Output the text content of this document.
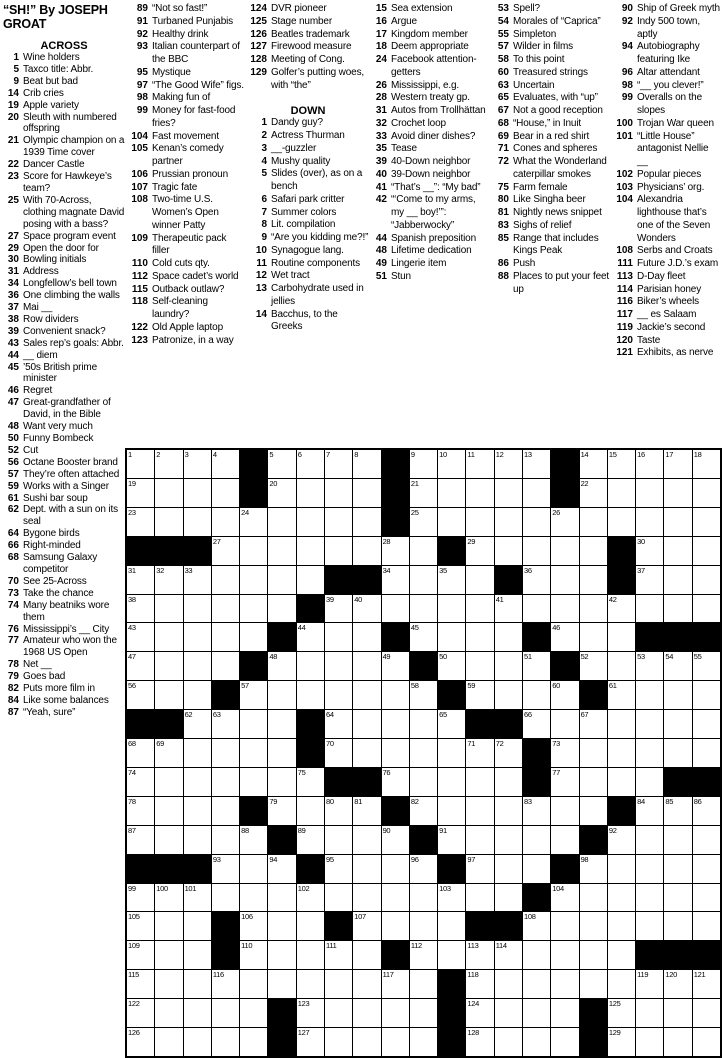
“SH!” By JOSEPH GROAT
ACROSS
1 Wine holders
5 Taxco title: Abbr.
9 Beat but bad
14 Crib cries
19 Apple variety
20 Sleuth with numbered offspring
21 Olympic champion on a 1939 Time cover
22 Dancer Castle
23 Score for Hawkeye’s team?
25 With 70-Across, clothing magnate David posing with a bass?
27 Space program event
29 Open the door for
30 Bowling initials
31 Address
34 Longfellow’s bell town
36 One climbing the walls
37 Mai __
38 Row dividers
39 Convenient snack?
43 Sales rep’s goals: Abbr.
44 __ diem
45 ’50s British prime minister
46 Regret
47 Great-grandfather of David, in the Bible
48 Want very much
50 Funny Bombeck
52 Cut
56 Octane Booster brand
57 They’re often attached
59 Works with a Singer
61 Sushi bar soup
62 Dept. with a sun on its seal
64 Bygone birds
66 Right-minded
68 Samsung Galaxy competitor
70 See 25-Across
73 Take the chance
74 Many beatniks wore them
76 Mississippi’s __ City
77 Amateur who won the 1968 US Open
78 Net __
79 Goes bad
82 Puts more film in
84 Like some balances
87 “Yeah, sure”
89 “Not so fast!”
91 Turbaned Punjabis
92 Healthy drink
93 Italian counterpart of the BBC
95 Mystique
97 “The Good Wife” figs.
98 Making fun of
99 Money for fast-food fries?
104 Fast movement
105 Kenan’s comedy partner
106 Prussian pronoun
107 Tragic fate
108 Two-time U.S. Women’s Open winner Patty
109 Therapeutic pack filler
110 Cold cuts qty.
112 Space cadet’s world
115 Outback outlaw?
118 Self-cleaning laundry?
122 Old Apple laptop
123 Patronize, in a way
124 DVR pioneer
125 Stage number
126 Beatles trademark
127 Firewood measure
128 Meeting of Cong.
129 Golfer’s putting woes, with “the”
DOWN
1 Dandy guy?
2 Actress Thurman
3 __-guzzler
4 Mushy quality
5 Slides (over), as on a bench
6 Safari park critter
7 Summer colors
8 Lit. compilation
9 “Are you kidding me?!”
10 Synagogue lang.
11 Routine components
12 Wet tract
13 Carbohydrate used in jellies
14 Bacchus, to the Greeks
15 Sea extension
16 Argue
17 Kingdom member
18 Deem appropriate
24 Facebook attention-getters
26 Mississippi, e.g.
28 Western treaty gp.
31 Autos from Trollhättan
32 Crochet loop
33 Avoid diner dishes?
35 Tease
39 40-Down neighbor
40 39-Down neighbor
41 “That’s __”: “My bad”
42 “‘Come to my arms, my __ boy!’”: “Jabberwocky”
44 Spanish preposition
48 Lifetime dedication
49 Lingerie item
51 Stun
53 Spell?
54 Morales of “Caprica”
55 Simpleton
57 Wilder in films
58 To this point
60 Treasured strings
63 Uncertain
65 Evaluates, with “up”
67 Not a good reception
68 “House,” in Inuit
69 Bear in a red shirt
71 Cones and spheres
72 What the Wonderland caterpillar smokes
75 Farm female
80 Like Singha beer
81 Nightly news snippet
83 Sighs of relief
85 Range that includes Kings Peak
86 Push
88 Places to put your feet up
90 Ship of Greek myth
92 Indy 500 town, aptly
94 Autobiography featuring Ike
96 Altar attendant
98 “__ you clever!”
99 Overalls on the slopes
100 Trojan War queen
101 “Little House” antagonist Nellie __
102 Popular pieces
103 Physicians’ org.
104 Alexandria lighthouse that’s one of the Seven Wonders
108 Serbs and Croats
111 Future J.D.’s exam
113 D-Day fleet
114 Parisian honey
116 Biker’s wheels
117 __ es Salaam
119 Jackie’s second
120 Taste
121 Exhibits, as nerve
1	2	3	4	5	6	7	8	9	10	11	12	13	14	15	16	17	18
19	20	21	22
23	24	25	26
27	28	29	30
31	32	33	34	35	36	37
38	39	40	41	42
43	44	45	46
47	48	49	50	51	52	53	54	55
56	57	58	59	60	61
62	63	64	65	66	67
68	69	70	71	72	73
74	75	76	77
78	79	80	81	82	83	84	85	86
87	88	89	90	91	92
93	94	95	96	97	98
99	100 101	102	103	104
105	106	107	108
109	110	111	112	113 114
115	116	117	118	119 120 121
122	123	124	125
126	127	128	129
